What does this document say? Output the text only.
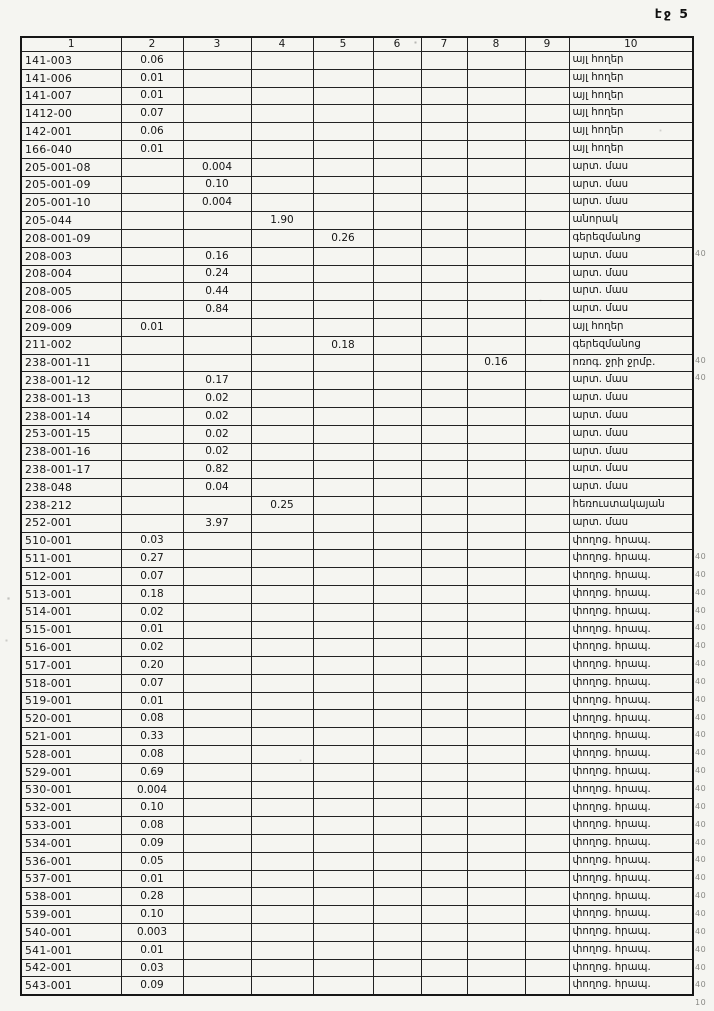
էջ 5
1	2	3	4	5	6	7	8	9	10
141-003	0.06								այլ հողեր
141-006	0.01								այլ հողեր
141-007	0.01								այլ հողեր
1412-00	0.07								այլ հողեր
142-001	0.06								այլ հողեր
166-040	0.01								այլ հողեր
205-001-08		0.004							արտ. մաս
205-001-09		0.10							արտ. մաս
205-001-10		0.004							արտ. մաս
205-044			1.90						անորակ
208-001-09				0.26					գերեզմանոց
208-003		0.16							արտ. մաս
208-004		0.24							արտ. մաս
208-005		0.44							արտ. մաս
208-006		0.84							արտ. մաս
209-009	0.01								այլ հողեր
211-002				0.18					գերեզմանոց
238-001-11							0.16		ոռոգ. ջրի ջրմբ.
238-001-12		0.17							արտ. մաս
238-001-13		0.02							արտ. մաս
238-001-14		0.02							արտ. մաս
253-001-15		0.02							արտ. մաս
238-001-16		0.02							արտ. մաս
238-001-17		0.82							արտ. մաս
238-048		0.04							արտ. մաս
238-212			0.25						հեռուստակայան
252-001		3.97							արտ. մաս
510-001	0.03								փողոց. հրապ.
511-001	0.27								փողոց. հրապ.
512-001	0.07								փողոց. հրապ.
513-001	0.18								փողոց. հրապ.
514-001	0.02								փողոց. հրապ.
515-001	0.01								փողոց. հրապ.
516-001	0.02								փողոց. հրապ.
517-001	0.20								փողոց. հրապ.
518-001	0.07								փողոց. հրապ.
519-001	0.01								փողոց. հրապ.
520-001	0.08								փողոց. հրապ.
521-001	0.33								փողոց. հրապ.
528-001	0.08								փողոց. հրապ.
529-001	0.69								փողոց. հրապ.
530-001	0.004								փողոց. հրապ.
532-001	0.10								փողոց. հրապ.
533-001	0.08								փողոց. հրապ.
534-001	0.09								փողոց. հրապ.
536-001	0.05								փողոց. հրապ.
537-001	0.01								փողոց. հրապ.
538-001	0.28								փողոց. հրապ.
539-001	0.10								փողոց. հրապ.
540-001	0.003								փողոց. հրապ.
541-001	0.01								փողոց. հրապ.
542-001	0.03								փողոց. հրապ.
543-001	0.09								փողոց. հրապ.
40
40
40
40
40
40
40
40
40
40
40
40
40
40
40
40
40
40
40
40
40
40
40
40
40
40
40
40
10
